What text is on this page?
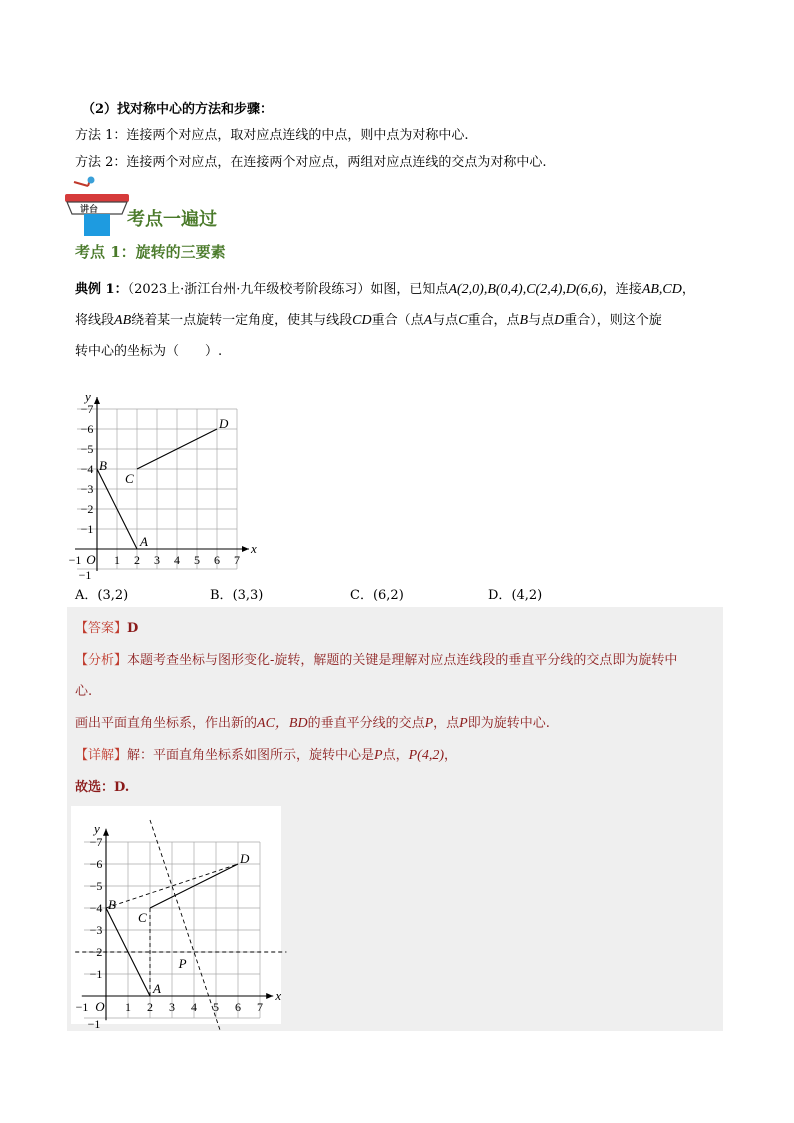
（2）找对称中心的方法和步骤：
方法 1：连接两个对应点，取对应点连线的中点，则中点为对称中心.
方法 2：连接两个对应点，在连接两个对应点，两组对应点连线的交点为对称中心.
讲台 考点一遍过
考点 1：旋转的三要素
典例 1：（2023上·浙江台州·九年级校考阶段练习）如图，已知点A(2,0),B(0,4),C(2,4),D(6,6)，连接AB,CD，
将线段AB绕着某一点旋转一定角度，使其与线段CD重合（点A与点C重合，点B与点D重合），则这个旋
转中心的坐标为（　　）.
−1	1 2 3 4 5 6 7
−1
−1
−2
−3
−4
−5
−6
−7
O
x
y
A
B
C
D
A．(3,2)	B．(3,3)	C．(6,2)	D．(4,2)
【答案】D
【分析】本题考查坐标与图形变化-旋转，解题的关键是理解对应点连线段的垂直平分线的交点即为旋转中
心.
画出平面直角坐标系，作出新的AC，BD的垂直平分线的交点P，点P即为旋转中心.
【详解】解：平面直角坐标系如图所示，旋转中心是P点，P(4,2)，
故选：D.
−1	1 2 3 4 5 6 7
−1
−1
−2
−3
−4
−5
−6
−7
O
x
y
A
B
C
D
P
